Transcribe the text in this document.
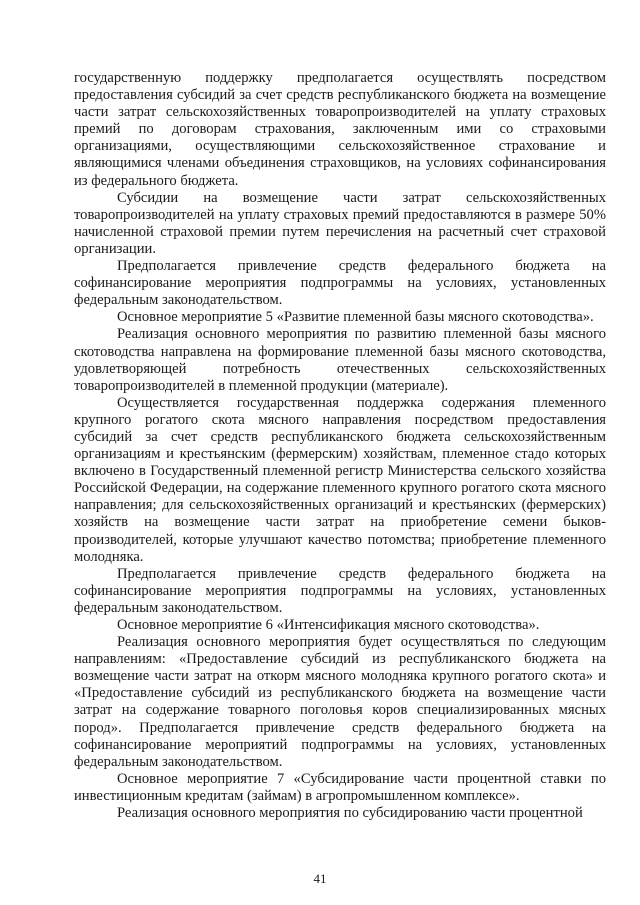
государственную поддержку предполагается осуществлять посредством предоставления субсидий за счет средств республиканского бюджета на возмещение части затрат сельскохозяйственных товаропроизводителей на уплату страховых премий по договорам страхования, заключенным ими со страховыми организациями, осуществляющими сельскохозяйственное страхование и являющимися членами объединения страховщиков, на условиях софинансирования из федерального бюджета.

Субсидии на возмещение части затрат сельскохозяйственных товаропроизводителей на уплату страховых премий предоставляются в размере 50% начисленной страховой премии путем перечисления на расчетный счет страховой организации.

Предполагается привлечение средств федерального бюджета на софинансирование мероприятия подпрограммы на условиях, установленных федеральным законодательством.

Основное мероприятие 5 «Развитие племенной базы мясного скотоводства».

Реализация основного мероприятия по развитию племенной базы мясного скотоводства направлена на формирование племенной базы мясного скотоводства, удовлетворяющей потребность отечественных сельскохозяйственных товаропроизводителей в племенной продукции (материале).

Осуществляется государственная поддержка содержания племенного крупного рогатого скота мясного направления посредством предоставления субсидий за счет средств республиканского бюджета сельскохозяйственным организациям и крестьянским (фермерским) хозяйствам, племенное стадо которых включено в Государственный племенной регистр Министерства сельского хозяйства Российской Федерации, на содержание племенного крупного рогатого скота мясного направления; для сельскохозяйственных организаций и крестьянских (фермерских) хозяйств на возмещение части затрат на приобретение семени быков-производителей, которые улучшают качество потомства; приобретение племенного молодняка.

Предполагается привлечение средств федерального бюджета на софинансирование мероприятия подпрограммы на условиях, установленных федеральным законодательством.

Основное мероприятие 6 «Интенсификация мясного скотоводства».

Реализация основного мероприятия будет осуществляться по следующим направлениям: «Предоставление субсидий из республиканского бюджета на возмещение части затрат на откорм мясного молодняка крупного рогатого скота» и «Предоставление субсидий из республиканского бюджета на возмещение части затрат на содержание товарного поголовья коров специализированных мясных пород». Предполагается привлечение средств федерального бюджета на софинансирование мероприятий подпрограммы на условиях, установленных федеральным законодательством.

Основное мероприятие 7 «Субсидирование части процентной ставки по инвестиционным кредитам (займам) в агропромышленном комплексе».

Реализация основного мероприятия по субсидированию части процентной

41
